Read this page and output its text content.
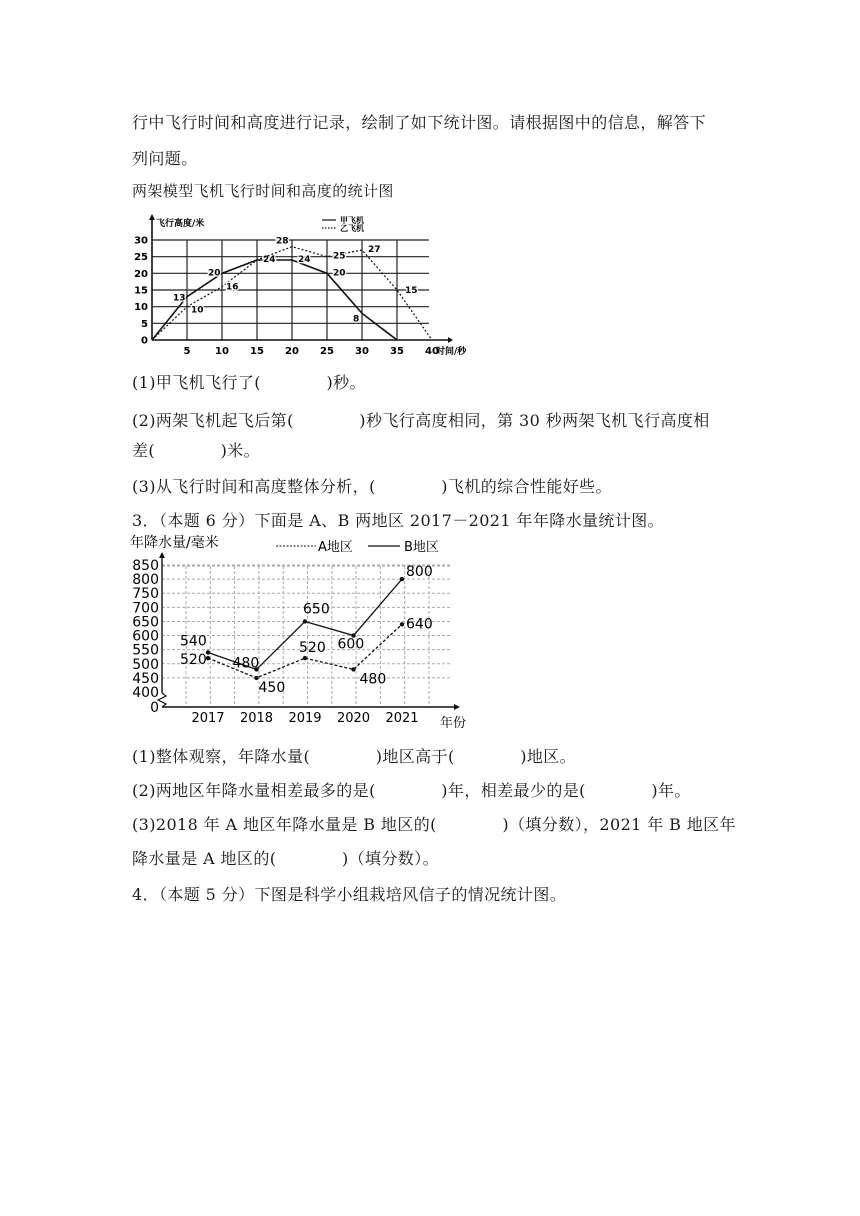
行中飞行时间和高度进行记录，绘制了如下统计图。请根据图中的信息，解答下
列问题。
两架模型飞机飞行时间和高度的统计图
0
5
10
15
20
25
30
5 10 15 20 25 30 35 40
时间/秒
飞行高度/米	甲飞机
乙飞机
13
20
24 24
20
8
10
16
28
25
27
15
(1)甲飞机飞行了(　　　　)秒。
(2)两架飞机起飞后第(　　　　)秒飞行高度相同，第 30 秒两架飞机飞行高度相
差(　　　　)米。
(3)从飞行时间和高度整体分析，(　　　　)飞机的综合性能好些。
3．（本题 6 分）下面是 A、B 两地区 2017－2021 年年降水量统计图。
0
400
450
500
550
600
650
700
750
800
850
2017 2018 2019 2020 2021 年份
年降水量/毫米	A地区	B地区
520
450
520
480
640
540
480
650
600
800
(1)整体观察，年降水量(　　　　)地区高于(　　　　)地区。
(2)两地区年降水量相差最多的是(　　　　)年，相差最少的是(　　　　)年。
(3)2018 年 A 地区年降水量是 B 地区的(　　　　)（填分数），2021 年 B 地区年
降水量是 A 地区的(　　　　)（填分数）。
4．（本题 5 分）下图是科学小组栽培风信子的情况统计图。
